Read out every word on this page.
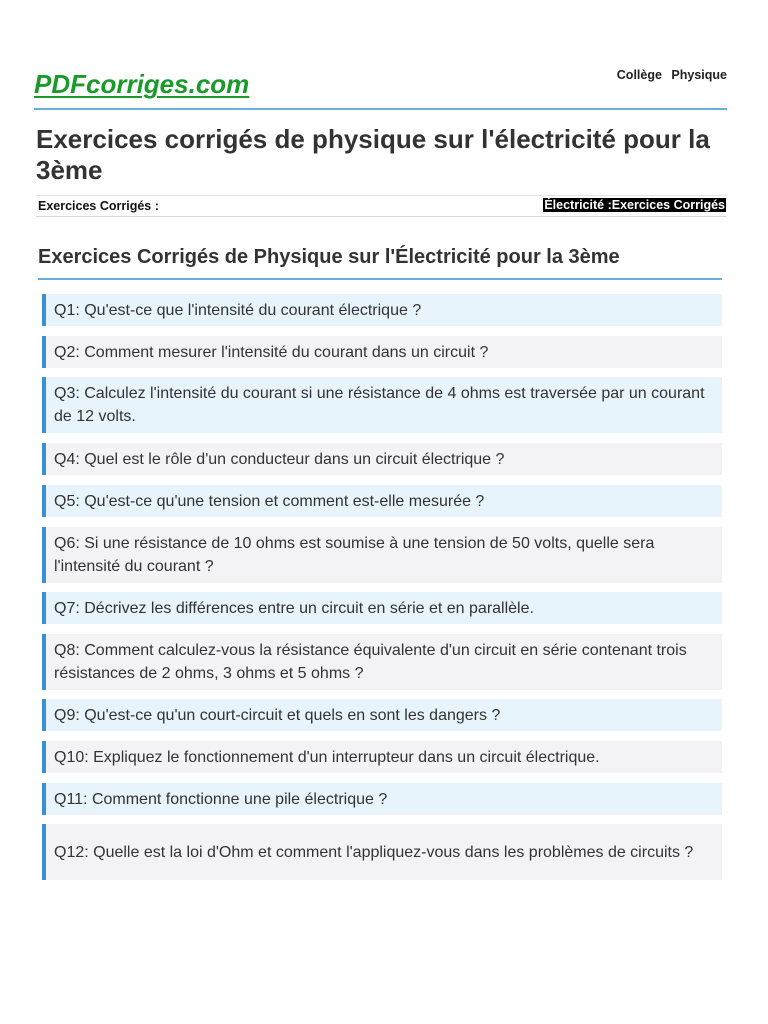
PDFcorriges.com	Collège Physique
Exercices corrigés de physique sur l'électricité pour la 3ème
Exercices Corrigés :	Électricité :Exercices Corrigés
Exercices Corrigés de Physique sur l'Électricité pour la 3ème
Q1: Qu'est-ce que l'intensité du courant électrique ?
Q2: Comment mesurer l'intensité du courant dans un circuit ?
Q3: Calculez l'intensité du courant si une résistance de 4 ohms est traversée par un courant de 12 volts.
Q4: Quel est le rôle d'un conducteur dans un circuit électrique ?
Q5: Qu'est-ce qu'une tension et comment est-elle mesurée ?
Q6: Si une résistance de 10 ohms est soumise à une tension de 50 volts, quelle sera l'intensité du courant ?
Q7: Décrivez les différences entre un circuit en série et en parallèle.
Q8: Comment calculez-vous la résistance équivalente d'un circuit en série contenant trois résistances de 2 ohms, 3 ohms et 5 ohms ?
Q9: Qu'est-ce qu'un court-circuit et quels en sont les dangers ?
Q10: Expliquez le fonctionnement d'un interrupteur dans un circuit électrique.
Q11: Comment fonctionne une pile électrique ?
Q12: Quelle est la loi d'Ohm et comment l'appliquez-vous dans les problèmes de circuits ?
